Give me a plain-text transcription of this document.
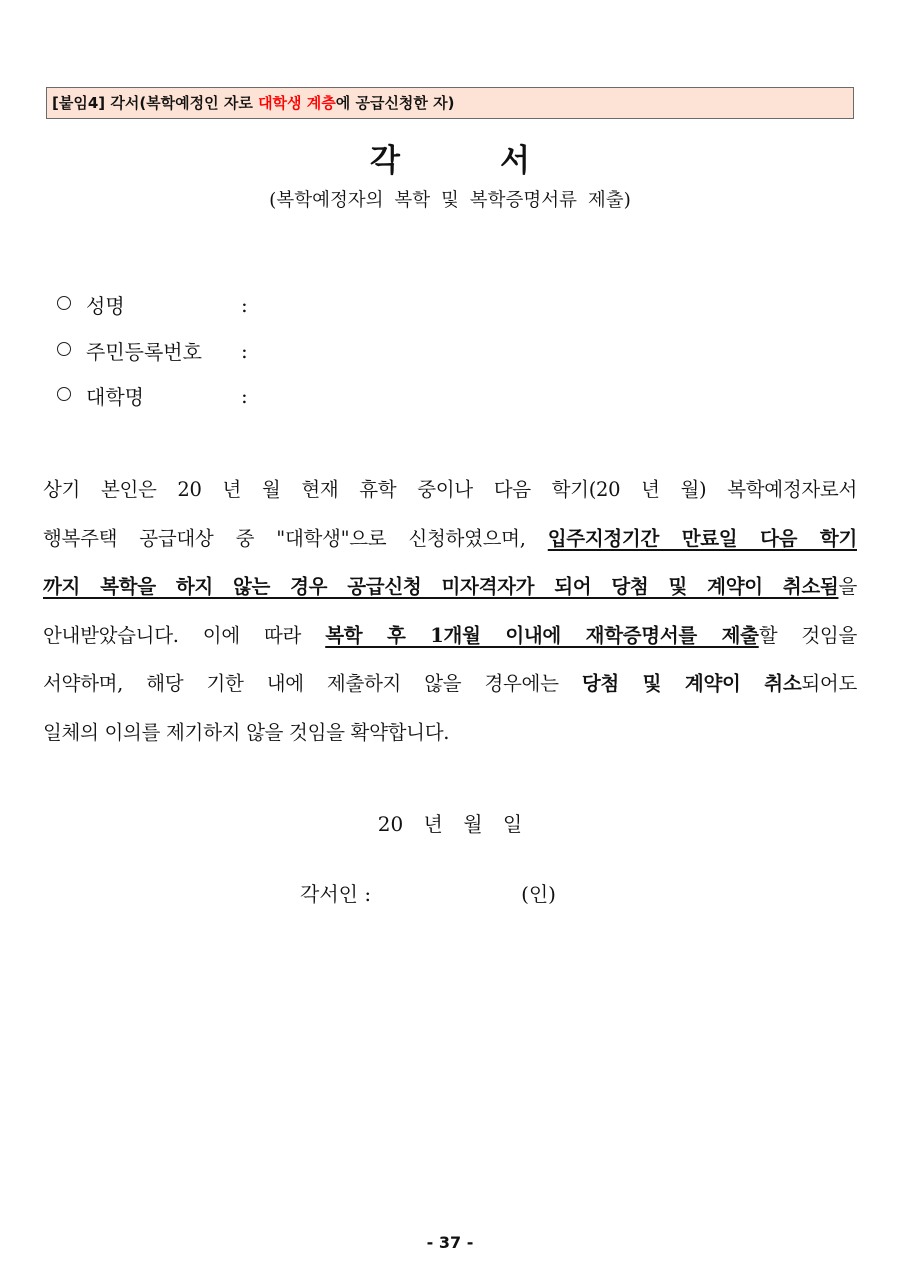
[붙임4] 각서(복학예정인 자로 대학생 계층에 공급신청한 자)
각	서
(복학예정자의 복학 및 복학증명서류 제출)
성명	:
주민등록번호 :
대학명	:
상기 본인은 20 년 월 현재 휴학 중이나 다음 학기(20 년 월) 복학예정자로서
행복주택 공급대상 중 "대학생"으로 신청하였으며, 입주지정기간 만료일 다음 학기
까지 복학을 하지 않는 경우 공급신청 미자격자가 되어 당첨 및 계약이 취소됨을
안내받았습니다. 이에 따라 복학 후 1개월 이내에 재학증명서를 제출할 것임을
서약하며, 해당 기한 내에 제출하지 않을 경우에는 당첨 및 계약이 취소되어도
일체의 이의를 제기하지 않을 것임을 확약합니다.
20 년 월 일
각서인 :	(인)
- 37 -
